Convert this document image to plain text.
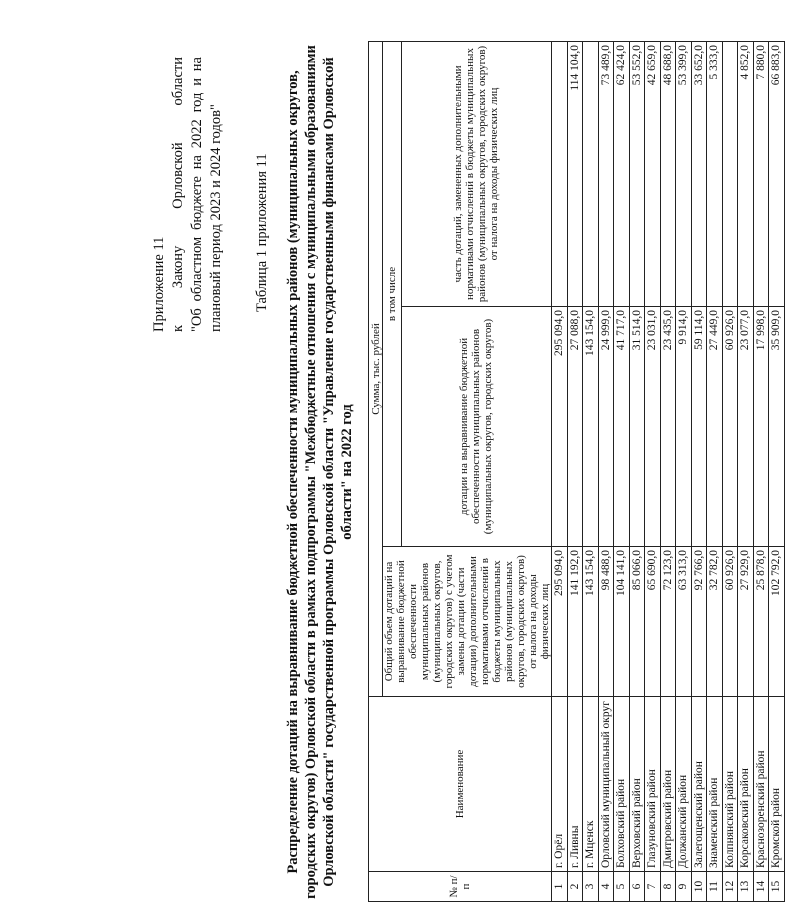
Приложение 11 к Закону Орловской области "Об областном бюджете на 2022 год и на плановый период 2023 и 2024 годов" Таблица 1 приложения 11 Распределение дотаций на выравнивание бюджетной обеспеченности муниципальных районов (муниципальных округов, городских округов) Орловской области в рамках подпрограммы "Межбюджетные отношения с муниципальными образованиями Орловской области" государственной программы Орловской области "Управление государственными финансами Орловской области" на 2022 год
№ п/п	Наименование	Сумма, тыс. рублей		
		Общий объем дотаций на выравнивание бюджетной обеспеченности муниципальных районов (муниципальных округов, городских округов) с учетом замены дотации (части дотации) дополнительными нормативами отчислений в бюджеты муниципальных районов (муниципальных округов, городских округов) от налога на доходы физических лиц	в том числе	
			дотации на выравнивание бюджетной обеспеченности муниципальных районов (муниципальных округов, городских округов)	часть дотаций, замененных дополнительными нормативами отчислений в бюджеты муниципальных районов (муниципальных округов, городских округов) от налога на доходы физических лиц
1	г. Орёл	295 094,0	295 094,0	
2	г. Ливны	141 192,0	27 088,0	114 104,0
3	г. Мценск	143 154,0	143 154,0	
4	Орловский муниципальный округ	98 488,0	24 999,0	73 489,0
5	Болховский район	104 141,0	41 717,0	62 424,0
6	Верховский район	85 066,0	31 514,0	53 552,0
7	Глазуновский район	65 690,0	23 031,0	42 659,0
8	Дмитровский район	72 123,0	23 435,0	48 688,0
9	Должанский район	63 313,0	9 914,0	53 399,0
10	Залегощенский район	92 766,0	59 114,0	33 652,0
11	Знаменский район	32 782,0	27 449,0	5 333,0
12	Колпнянский район	60 926,0	60 926,0	
13	Корсаковский район	27 929,0	23 077,0	4 852,0
14	Краснозоренский район	25 878,0	17 998,0	7 880,0
15	Кромской район	102 792,0	35 909,0	66 883,0
